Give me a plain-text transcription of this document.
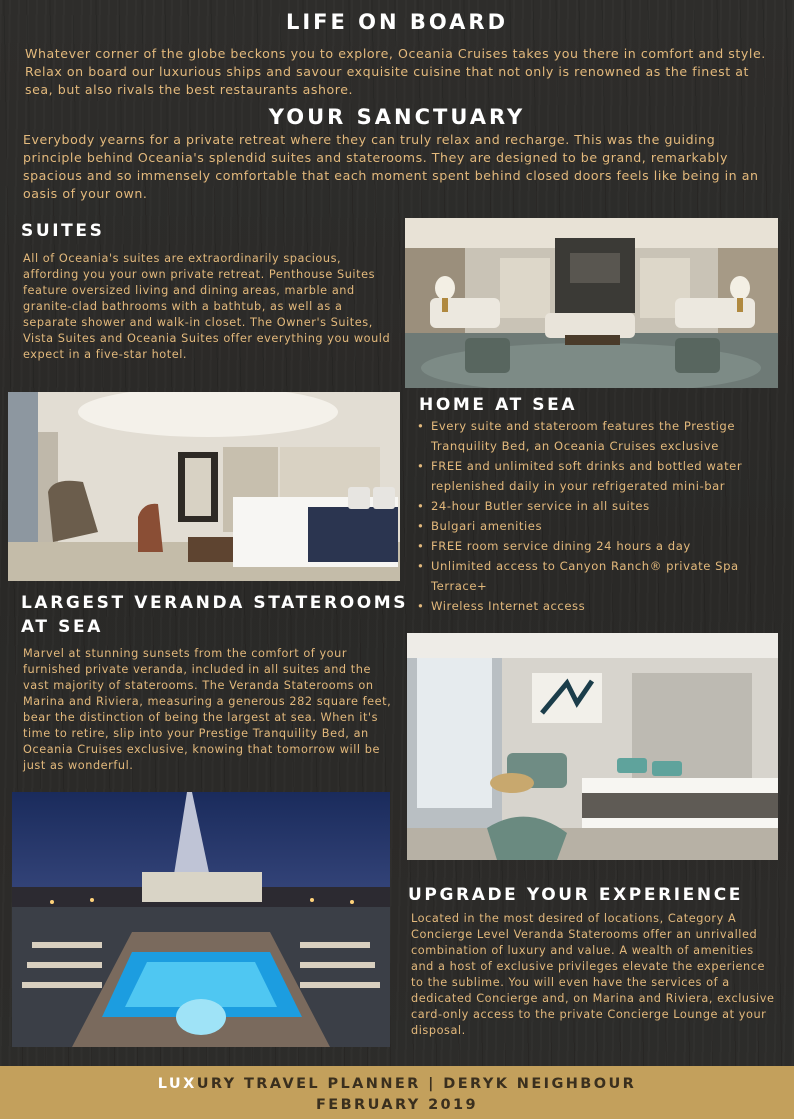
LIFE ON BOARD

Whatever corner of the globe beckons you to explore, Oceania Cruises takes you there in comfort and style. Relax on board our luxurious ships and savour exquisite cuisine that not only is renowned as the finest at sea, but also rivals the best restaurants ashore.

YOUR SANCTUARY

Everybody yearns for a private retreat where they can truly relax and recharge. This was the guiding principle behind Oceania's splendid suites and staterooms. They are designed to be grand, remarkably spacious and so immensely comfortable that each moment spent behind closed doors feels like being in an oasis of your own.

SUITES

All of Oceania's suites are extraordinarily spacious, affording you your own private retreat. Penthouse Suites feature oversized living and dining areas, marble and granite-clad bathrooms with a bathtub, as well as a separate shower and walk-in closet. The Owner's Suites, Vista Suites and Oceania Suites offer everything you would expect in a five-star hotel.

HOME AT SEA
• Every suite and stateroom features the Prestige Tranquility Bed, an Oceania Cruises exclusive
• FREE and unlimited soft drinks and bottled water replenished daily in your refrigerated mini-bar
• 24-hour Butler service in all suites
• Bulgari amenities
• FREE room service dining 24 hours a day
• Unlimited access to Canyon Ranch® private Spa Terrace+
• Wireless Internet access
LARGEST VERANDA STATEROOMS AT SEA

Marvel at stunning sunsets from the comfort of your furnished private veranda, included in all suites and the vast majority of staterooms. The Veranda Staterooms on Marina and Riviera, measuring a generous 282 square feet, bear the distinction of being the largest at sea. When it's time to retire, slip into your Prestige Tranquility Bed, an Oceania Cruises exclusive, knowing that tomorrow will be just as wonderful.

UPGRADE YOUR EXPERIENCE

Located in the most desired of locations, Category A Concierge Level Veranda Staterooms offer an unrivalled combination of luxury and value. A wealth of amenities and a host of exclusive privileges elevate the experience to the sublime. You will even have the services of a dedicated Concierge and, on Marina and Riviera, exclusive card-only access to the private Concierge Lounge at your disposal.

LUXURY TRAVEL PLANNER | DERYK NEIGHBOUR
FEBRUARY 2019
